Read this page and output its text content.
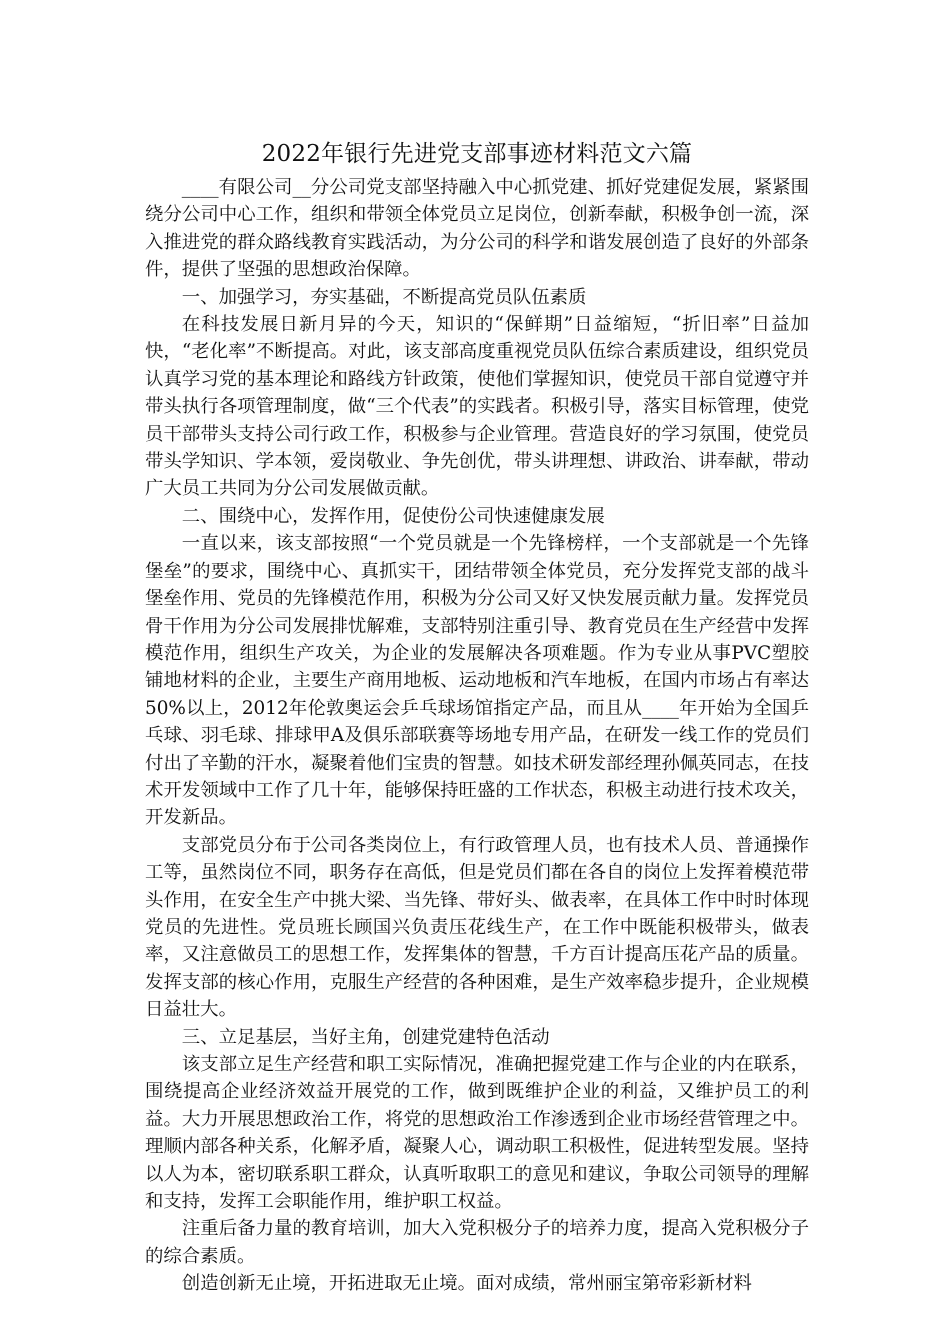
2022年银行先进党支部事迹材料范文六篇

____有限公司__分公司党支部坚持融入中心抓党建、抓好党建促发展，紧紧围绕分公司中心工作，组织和带领全体党员立足岗位，创新奉献，积极争创一流，深入推进党的群众路线教育实践活动，为分公司的科学和谐发展创造了良好的外部条件，提供了坚强的思想政治保障。

一、加强学习，夯实基础，不断提高党员队伍素质

在科技发展日新月异的今天，知识的“保鲜期”日益缩短，“折旧率”日益加快，“老化率”不断提高。对此，该支部高度重视党员队伍综合素质建设，组织党员认真学习党的基本理论和路线方针政策，使他们掌握知识，使党员干部自觉遵守并带头执行各项管理制度，做“三个代表”的实践者。积极引导，落实目标管理，使党员干部带头支持公司行政工作，积极参与企业管理。营造良好的学习氛围，使党员带头学知识、学本领，爱岗敬业、争先创优，带头讲理想、讲政治、讲奉献，带动广大员工共同为分公司发展做贡献。

二、围绕中心，发挥作用，促使份公司快速健康发展

一直以来，该支部按照“一个党员就是一个先锋榜样，一个支部就是一个先锋堡垒”的要求，围绕中心、真抓实干，团结带领全体党员，充分发挥党支部的战斗堡垒作用、党员的先锋模范作用，积极为分公司又好又快发展贡献力量。发挥党员骨干作用为分公司发展排忧解难，支部特别注重引导、教育党员在生产经营中发挥模范作用，组织生产攻关，为企业的发展解决各项难题。作为专业从事PVC塑胶铺地材料的企业，主要生产商用地板、运动地板和汽车地板，在国内市场占有率达50%以上，2012年伦敦奥运会乒乓球场馆指定产品，而且从____年开始为全国乒乓球、羽毛球、排球甲A及俱乐部联赛等场地专用产品，在研发一线工作的党员们付出了辛勤的汗水，凝聚着他们宝贵的智慧。如技术研发部经理孙佩英同志，在技术开发领域中工作了几十年，能够保持旺盛的工作状态，积极主动进行技术攻关，开发新品。

支部党员分布于公司各类岗位上，有行政管理人员，也有技术人员、普通操作工等，虽然岗位不同，职务存在高低，但是党员们都在各自的岗位上发挥着模范带头作用，在安全生产中挑大梁、当先锋、带好头、做表率，在具体工作中时时体现党员的先进性。党员班长顾国兴负责压花线生产，在工作中既能积极带头，做表率，又注意做员工的思想工作，发挥集体的智慧，千方百计提高压花产品的质量。发挥支部的核心作用，克服生产经营的各种困难，是生产效率稳步提升，企业规模日益壮大。

三、立足基层，当好主角，创建党建特色活动

该支部立足生产经营和职工实际情况，准确把握党建工作与企业的内在联系，围绕提高企业经济效益开展党的工作，做到既维护企业的利益，又维护员工的利益。大力开展思想政治工作，将党的思想政治工作渗透到企业市场经营管理之中。理顺内部各种关系，化解矛盾，凝聚人心，调动职工积极性，促进转型发展。坚持以人为本，密切联系职工群众，认真听取职工的意见和建议，争取公司领导的理解和支持，发挥工会职能作用，维护职工权益。

注重后备力量的教育培训，加大入党积极分子的培养力度，提高入党积极分子的综合素质。

创造创新无止境，开拓进取无止境。面对成绩，常州丽宝第帝彩新材料
